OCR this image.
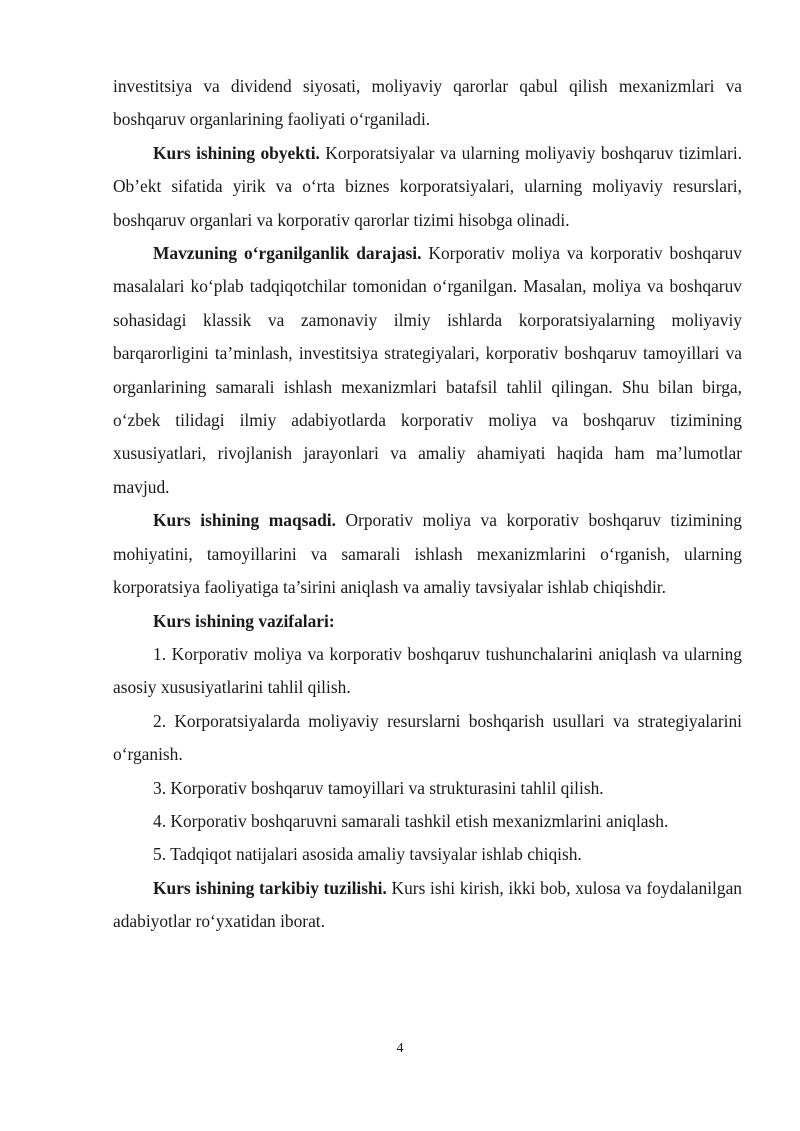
investitsiya va dividend siyosati, moliyaviy qarorlar qabul qilish mexanizmlari va boshqaruv organlarining faoliyati o‘rganiladi.

Kurs ishining obyekti. Korporatsiyalar va ularning moliyaviy boshqaruv tizimlari. Ob’ekt sifatida yirik va o‘rta biznes korporatsiyalari, ularning moliyaviy resurslari, boshqaruv organlari va korporativ qarorlar tizimi hisobga olinadi.

Mavzuning o‘rganilganlik darajasi. Korporativ moliya va korporativ boshqaruv masalalari ko‘plab tadqiqotchilar tomonidan o‘rganilgan. Masalan, moliya va boshqaruv sohasidagi klassik va zamonaviy ilmiy ishlarda korporatsiyalarning moliyaviy barqarorligini ta’minlash, investitsiya strategiyalari, korporativ boshqaruv tamoyillari va organlarining samarali ishlash mexanizmlari batafsil tahlil qilingan. Shu bilan birga, o‘zbek tilidagi ilmiy adabiyotlarda korporativ moliya va boshqaruv tizimining xususiyatlari, rivojlanish jarayonlari va amaliy ahamiyati haqida ham ma’lumotlar mavjud.

Kurs ishining maqsadi. Orporativ moliya va korporativ boshqaruv tizimining mohiyatini, tamoyillarini va samarali ishlash mexanizmlarini o‘rganish, ularning korporatsiya faoliyatiga ta’sirini aniqlash va amaliy tavsiyalar ishlab chiqishdir.

Kurs ishining vazifalari:

1. Korporativ moliya va korporativ boshqaruv tushunchalarini aniqlash va ularning asosiy xususiyatlarini tahlil qilish.

2. Korporatsiyalarda moliyaviy resurslarni boshqarish usullari va strategiyalarini o‘rganish.

3. Korporativ boshqaruv tamoyillari va strukturasini tahlil qilish.

4. Korporativ boshqaruvni samarali tashkil etish mexanizmlarini aniqlash.

5. Tadqiqot natijalari asosida amaliy tavsiyalar ishlab chiqish.

Kurs ishining tarkibiy tuzilishi. Kurs ishi kirish, ikki bob, xulosa va foydalanilgan adabiyotlar ro‘yxatidan iborat.

4
